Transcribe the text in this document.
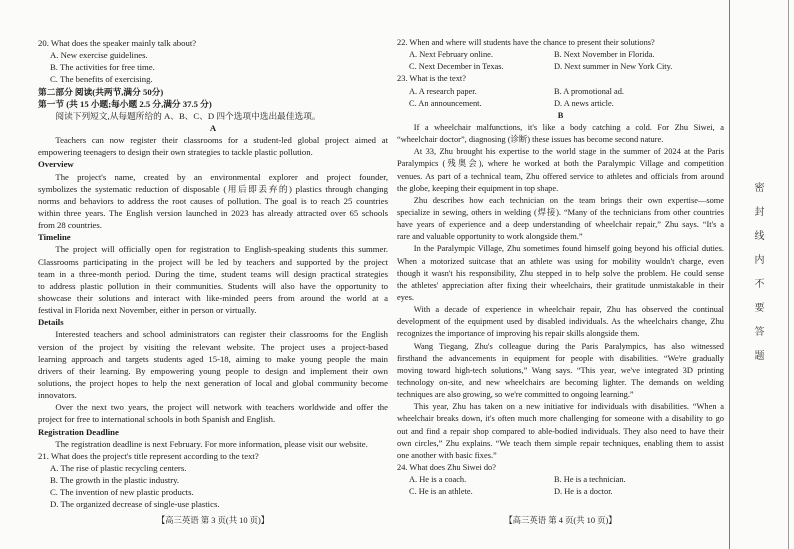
20. What does the speaker mainly talk about?
A. New exercise guidelines.
B. The activities for free time.
C. The benefits of exercising.
第二部分 阅读(共两节,满分 50分)
第一节 (共 15 小题;每小题 2.5 分,满分 37.5 分)
阅读下列短文,从每题所给的 A、B、C、D 四个选项中选出最佳选项。
A
Teachers can now register their classrooms for a student-led global project aimed at
empowering teenagers to design their own strategies to tackle plastic pollution.
Overview
The project's name, created by an environmental explorer and project founder,
symbolizes the systematic reduction of disposable (用后即丢弃的) plastics through changing
norms and behaviors to address the root causes of pollution. The goal is to reach 25 countries
within three years. The English version launched in 2023 has already attracted over 65 schools
from 28 countries.
Timeline
The project will officially open for registration to English-speaking students this summer.
Classrooms participating in the project will be led by teachers and supported by the project
team in a three-month period. During the time, student teams will design practical strategies
to address plastic pollution in their communities. Students will also have the opportunity to
showcase their solutions and interact with like-minded peers from around the world at a
festival in Florida next November, either in person or virtually.
Details
Interested teachers and school administrators can register their classrooms for the English
version of the project by visiting the relevant website. The project uses a project-based
learning approach and targets students aged 15-18, aiming to make young people the main
drivers of their learning. By empowering young people to design and implement their own
solutions, the project hopes to help the next generation of local and global community become
innovators.
Over the next two years, the project will network with teachers worldwide and offer the
project for free to international schools in both Spanish and English.
Registration Deadline
The registration deadline is next February. For more information, please visit our website.
21. What does the project's title represent according to the text?
A. The rise of plastic recycling centers.
B. The growth in the plastic industry.
C. The invention of new plastic products.
D. The organized decrease of single-use plastics.
22. When and where will students have the chance to present their solutions?
A. Next February online.	B. Next November in Florida.
C. Next December in Texas.	D. Next summer in New York City.
23. What is the text?
A. A research paper.	B. A promotional ad.
C. An announcement.	D. A news article.
B
If a wheelchair malfunctions, it's like a body catching a cold. For Zhu Siwei, a
“wheelchair doctor”, diagnosing (诊断) these issues has become second nature.
At 33, Zhu brought his expertise to the world stage in the summer of 2024 at the Paris
Paralympics (残奥会), where he worked at both the Paralympic Village and competition
venues. As part of a technical team, Zhu offered service to athletes and officials from around
the globe, keeping their equipment in top shape.
Zhu describes how each technician on the team brings their own expertise—some
specialize in sewing, others in welding (焊接). “Many of the technicians from other countries
have years of experience and a deep understanding of wheelchair repair,” Zhu says. “It's a
rare and valuable opportunity to work alongside them.”
In the Paralympic Village, Zhu sometimes found himself going beyond his official duties.
When a motorized suitcase that an athlete was using for mobility wouldn't charge, even
though it wasn't his responsibility, Zhu stepped in to help solve the problem. He could sense
the athletes' appreciation after fixing their wheelchairs, their gratitude unmistakable in their
eyes.
With a decade of experience in wheelchair repair, Zhu has observed the continual
development of the equipment used by disabled individuals. As the wheelchairs change, Zhu
recognizes the importance of improving his repair skills alongside them.
Wang Tiegang, Zhu's colleague during the Paris Paralympics, has also witnessed
firsthand the advancements in equipment for people with disabilities. “We're gradually
moving toward high-tech solutions,” Wang says. “This year, we've integrated 3D printing
technology on-site, and new wheelchairs are becoming lighter. The demands on welding
techniques are also growing, so we're committed to ongoing learning.”
This year, Zhu has taken on a new initiative for individuals with disabilities. “When a
wheelchair breaks down, it's often much more challenging for someone with a disability to go
out and find a repair shop compared to able-bodied individuals. They also need to have their
own circles,” Zhu explains. “We teach them simple repair techniques, enabling them to assist
one another with basic fixes.”
24. What does Zhu Siwei do?
A. He is a coach.	B. He is a technician.
C. He is an athlete.	D. He is a doctor.
【高三英语 第 3 页(共 10 页)】	【高三英语 第 4 页(共 10 页)】
密封线内不要答题
